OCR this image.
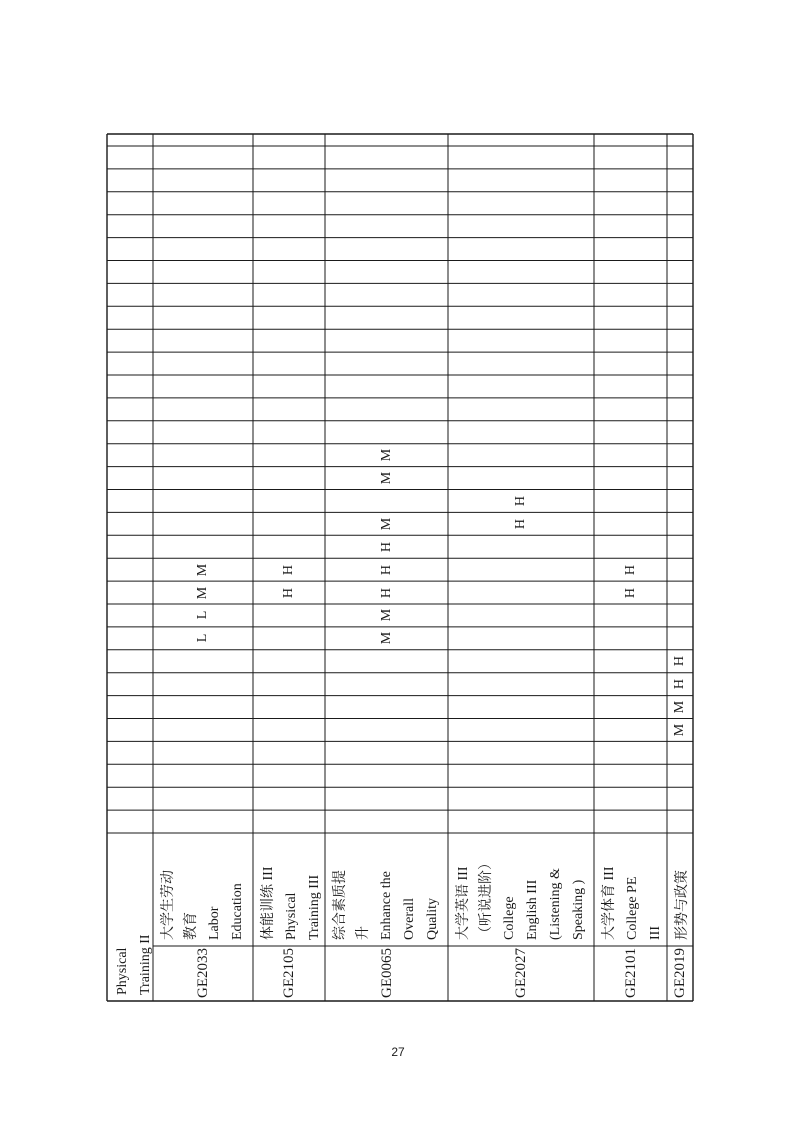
Physical Training II	GE2033
大学生劳动 教育 Labor Education
L
L
M
M
GE2105
体能训练 III Physical Training III
H
H
GE0065
综合素质提 升 Enhance the Overall Quality
M
M
H
H
H
M
M
M
GE2027
大学英语 III （听说进阶） College English III (Listening & Speaking )
H
H
GE2101
大学体育 III College PE III
H
H
GE2019
形势与政策
M
M
H
H
27
